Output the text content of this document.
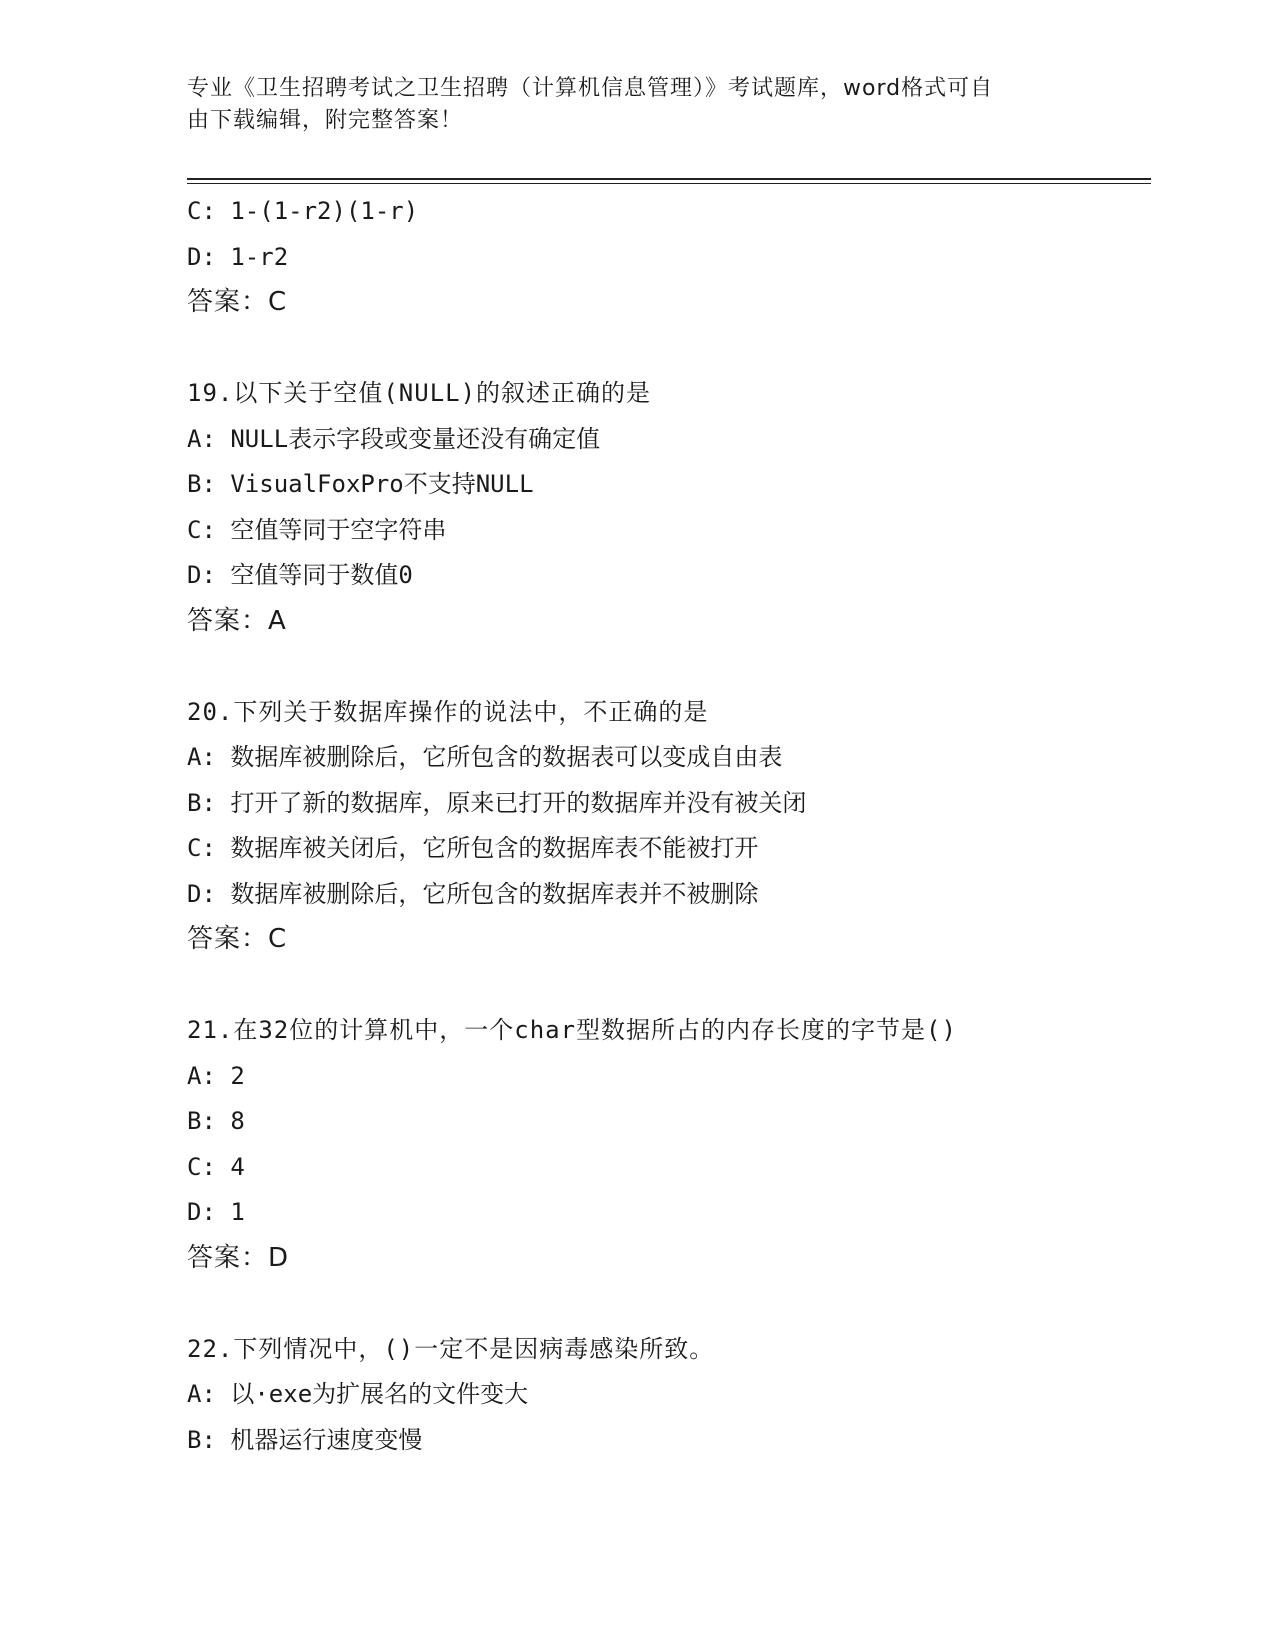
专业《卫生招聘考试之卫生招聘（计算机信息管理）》考试题库，word格式可自
由下载编辑，附完整答案！
C: 1-(1-r2)(1-r)
D: 1-r2
答案：C
19.以下关于空值(NULL)的叙述正确的是
A: NULL表示字段或变量还没有确定值
B: VisualFoxPro不支持NULL
C: 空值等同于空字符串
D: 空值等同于数值0
答案：A
20.下列关于数据库操作的说法中，不正确的是
A: 数据库被删除后，它所包含的数据表可以变成自由表
B: 打开了新的数据库，原来已打开的数据库并没有被关闭
C: 数据库被关闭后，它所包含的数据库表不能被打开
D: 数据库被删除后，它所包含的数据库表并不被删除
答案：C
21.在32位的计算机中，一个char型数据所占的内存长度的字节是()
A: 2
B: 8
C: 4
D: 1
答案：D
22.下列情况中，()一定不是因病毒感染所致。
A: 以·exe为扩展名的文件变大
B: 机器运行速度变慢
